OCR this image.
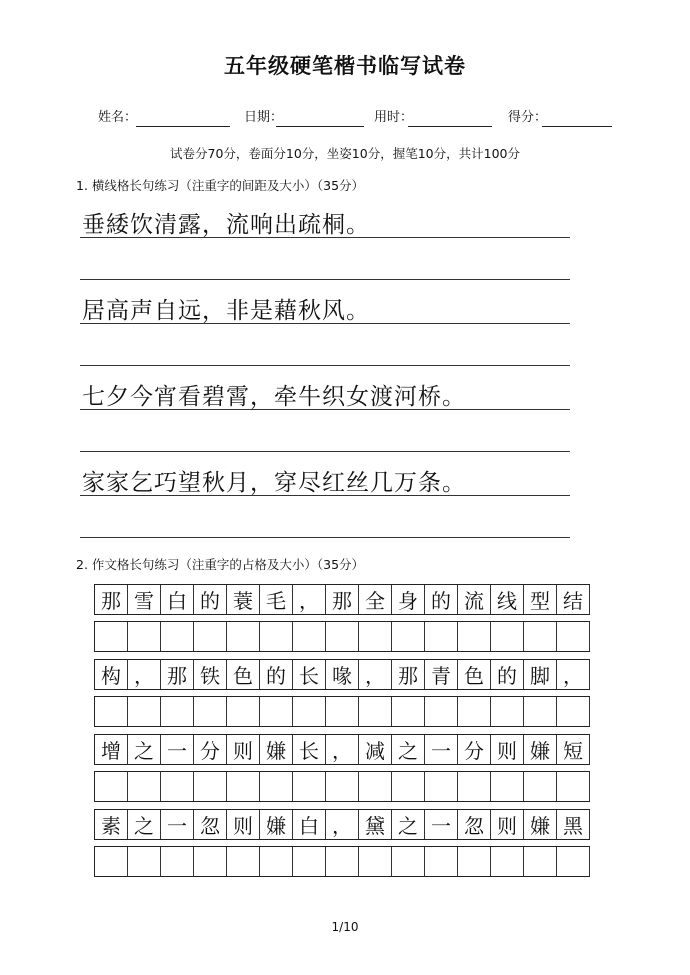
五年级硬笔楷书临写试卷
姓名：	日期：	用时：	得分：
试卷分70分，卷面分10分，坐姿10分，握笔10分，共计100分
1. 横线格长句练习（注重字的间距及大小）（35分）
垂緌饮清露，流响出疏桐。
居高声自远，非是藉秋风。
七夕今宵看碧霄，牵牛织女渡河桥。
家家乞巧望秋月，穿尽红丝几万条。
2. 作文格长句练习（注重字的占格及大小）（35分）
那 雪 白 的 蓑 毛 ， 那 全 身 的 流 线 型 结
构 ， 那 铁 色 的 长 喙 ， 那 青 色 的 脚 ，
增 之 一 分 则 嫌 长 ， 减 之 一 分 则 嫌 短
素 之 一 忽 则 嫌 白 ， 黛 之 一 忽 则 嫌 黑
1/10
